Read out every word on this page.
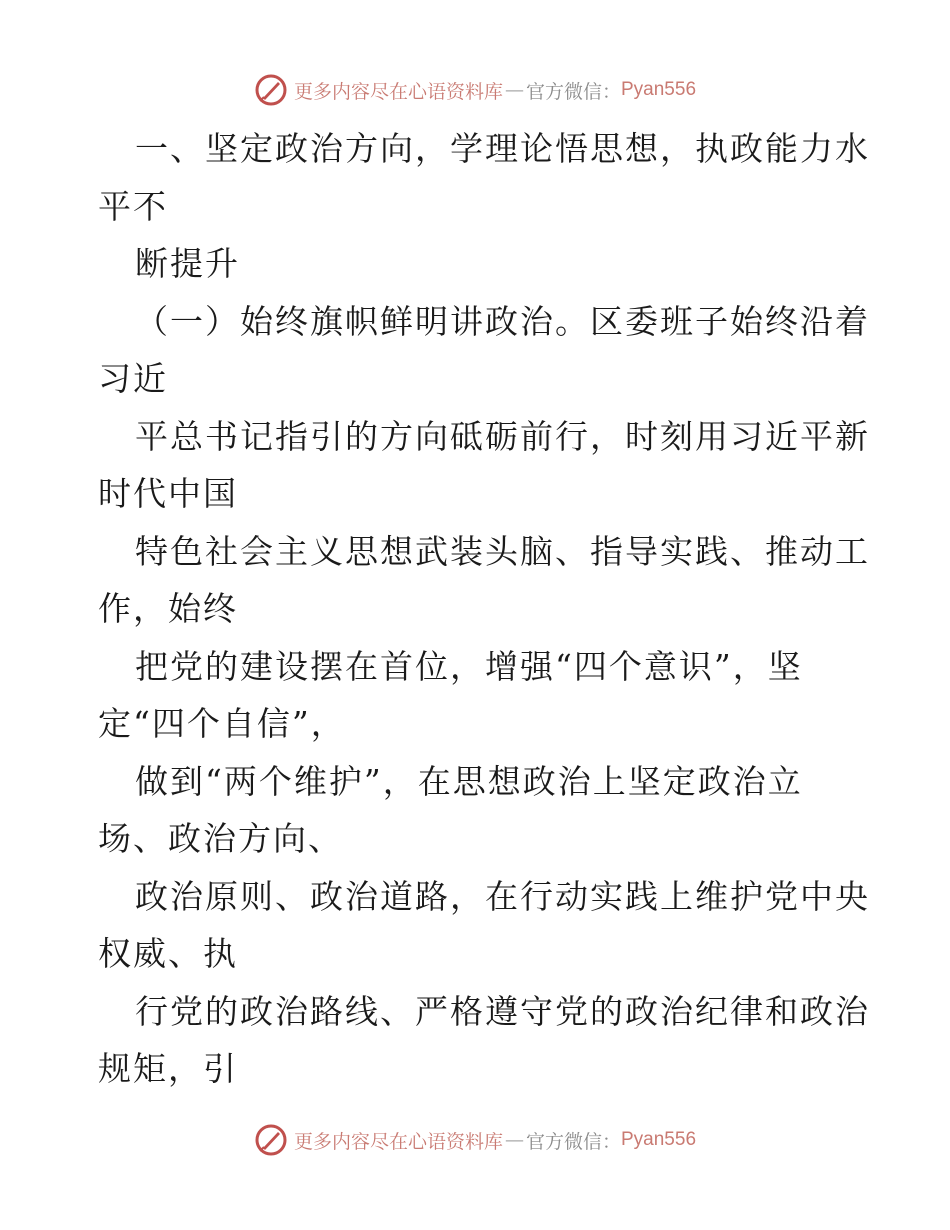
更多内容尽在心语资料库 — 官方微信： Pyan556
一、坚定政治方向，学理论悟思想，执政能力水
平不
断提升
（一）始终旗帜鲜明讲政治。区委班子始终沿着
习近
平总书记指引的方向砥砺前行，时刻用习近平新
时代中国
特色社会主义思想武装头脑、指导实践、推动工
作，始终
把党的建设摆在首位，增强“四个意识”，坚
定“四个自信”，
做到“两个维护”，在思想政治上坚定政治立
场、政治方向、
政治原则、政治道路，在行动实践上维护党中央
权威、执
行党的政治路线、严格遵守党的政治纪律和政治
规矩，引
更多内容尽在心语资料库 — 官方微信： Pyan556
